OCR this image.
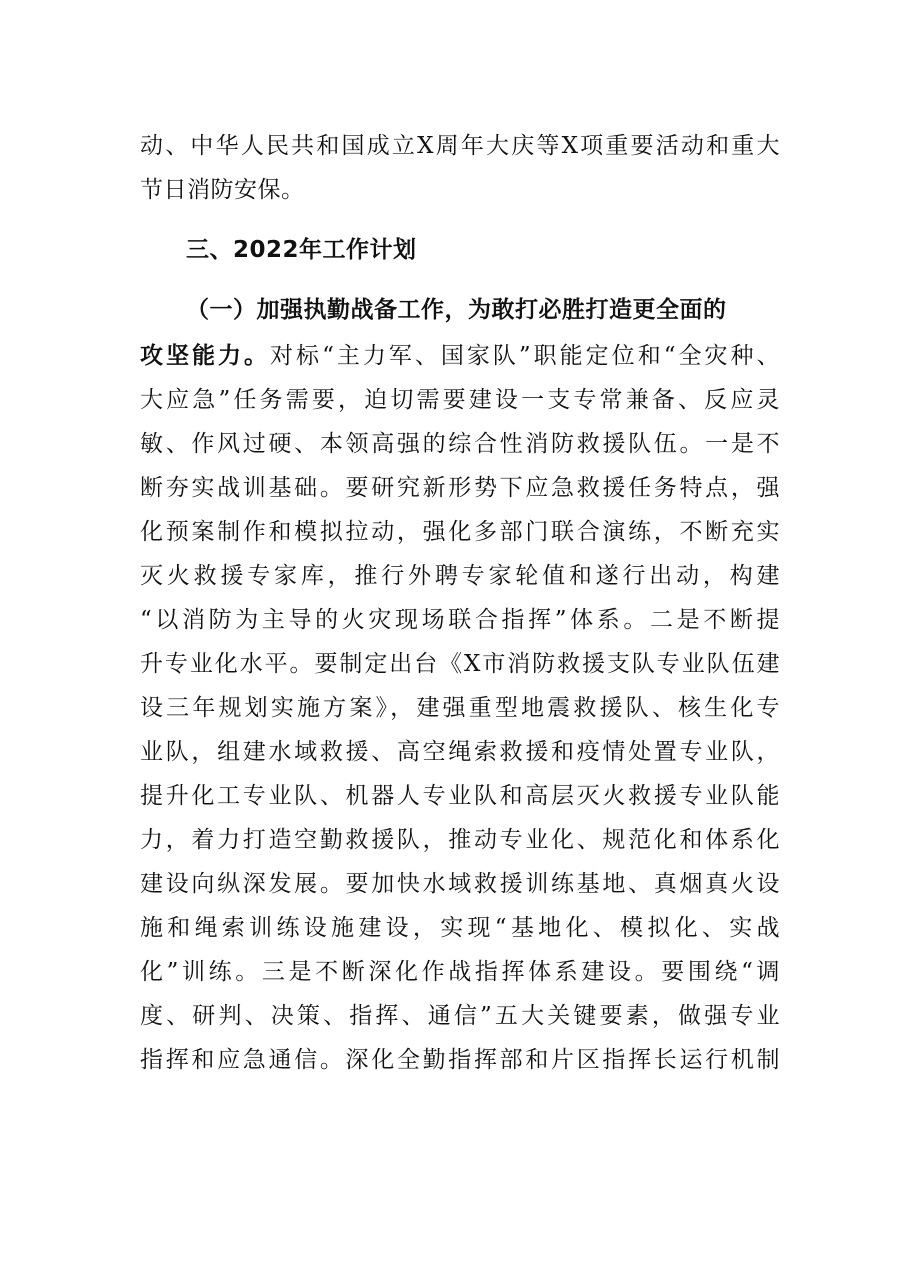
动、中华人民共和国成立X周年大庆等X项重要活动和重大
节日消防安保。
三、2022年工作计划
（一）加强执勤战备工作，为敢打必胜打造更全面的
攻坚能力。对标“主力军、国家队”职能定位和“全灾种、
大应急”任务需要，迫切需要建设一支专常兼备、反应灵
敏、作风过硬、本领高强的综合性消防救援队伍。一是不
断夯实战训基础。要研究新形势下应急救援任务特点，强
化预案制作和模拟拉动，强化多部门联合演练，不断充实
灭火救援专家库，推行外聘专家轮值和遂行出动，构建
“以消防为主导的火灾现场联合指挥”体系。二是不断提
升专业化水平。要制定出台《X市消防救援支队专业队伍建
设三年规划实施方案》，建强重型地震救援队、核生化专
业队，组建水域救援、高空绳索救援和疫情处置专业队，
提升化工专业队、机器人专业队和高层灭火救援专业队能
力，着力打造空勤救援队，推动专业化、规范化和体系化
建设向纵深发展。要加快水域救援训练基地、真烟真火设
施和绳索训练设施建设，实现“基地化、模拟化、实战
化”训练。三是不断深化作战指挥体系建设。要围绕“调
度、研判、决策、指挥、通信”五大关键要素，做强专业
指挥和应急通信。深化全勤指挥部和片区指挥长运行机制
